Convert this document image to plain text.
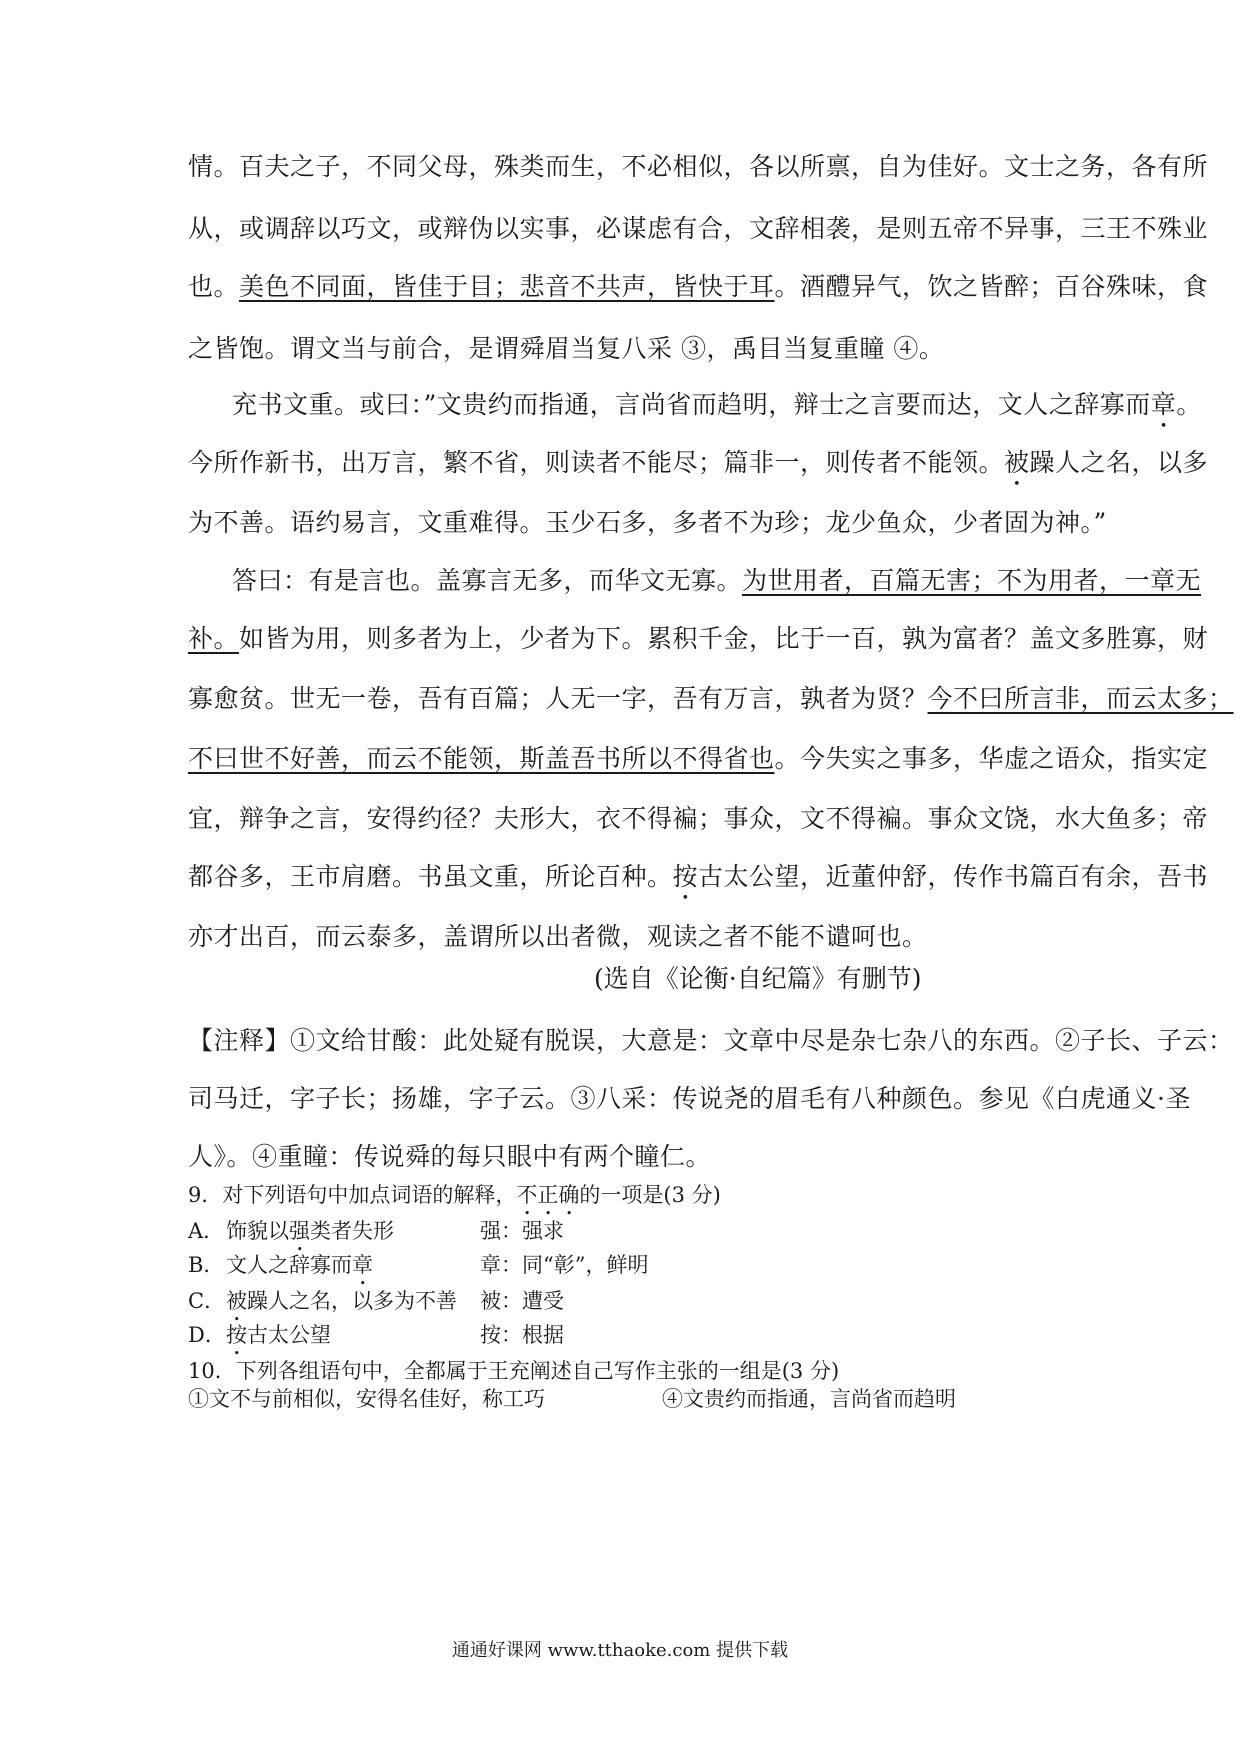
情。百夫之子，不同父母，殊类而生，不必相似，各以所禀，自为佳好。文士之务，各有所
从，或调辞以巧文，或辩伪以实事，必谋虑有合，文辞相袭，是则五帝不异事，三王不殊业
也。美色不同面，皆佳于目；悲音不共声，皆快于耳。酒醴异气，饮之皆醉；百谷殊味，食
之皆饱。谓文当与前合，是谓舜眉当复八采 ③，禹目当复重瞳 ④。
充书文重。或曰：”文贵约而指通，言尚省而趋明，辩士之言要而达，文人之辞寡而章。
今所作新书，出万言，繁不省，则读者不能尽；篇非一，则传者不能领。被躁人之名，以多
为不善。语约易言，文重难得。玉少石多，多者不为珍；龙少鱼众，少者固为神。”
答曰：有是言也。盖寡言无多，而华文无寡。为世用者，百篇无害；不为用者，一章无
补。如皆为用，则多者为上，少者为下。累积千金，比于一百，孰为富者？盖文多胜寡，财
寡愈贫。世无一卷，吾有百篇；人无一字，吾有万言，孰者为贤？今不曰所言非，而云太多；
不曰世不好善，而云不能领，斯盖吾书所以不得省也。今失实之事多，华虚之语众，指实定
宜，辩争之言，安得约径？夫形大，衣不得褊；事众，文不得褊。事众文饶，水大鱼多；帝
都谷多，王市肩磨。书虽文重，所论百种。按古太公望，近董仲舒，传作书篇百有余，吾书
亦才出百，而云泰多，盖谓所以出者微，观读之者不能不谴呵也。
(选自《论衡·自纪篇》有删节)
【注释】①文给甘酸：此处疑有脱误，大意是：文章中尽是杂七杂八的东西。②子长、子云：
司马迁，字子长；扬雄，字子云。③八采：传说尧的眉毛有八种颜色。参见《白虎通义·圣
人》。④重瞳：传说舜的每只眼中有两个瞳仁。
9．对下列语句中加点词语的解释，不正确的一项是(3 分)
A． 饰貌以强类者失形	强：强求
B． 文人之辞寡而章	章：同“彰”，鲜明
C． 被躁人之名，以多为不善 被：遭受
D． 按古太公望	按：根据
10．下列各组语句中，全都属于王充阐述自己写作主张的一组是(3 分)
①文不与前相似，安得名佳好，称工巧	④文贵约而指通，言尚省而趋明
通通好课网 www.tthaoke.com 提供下载
